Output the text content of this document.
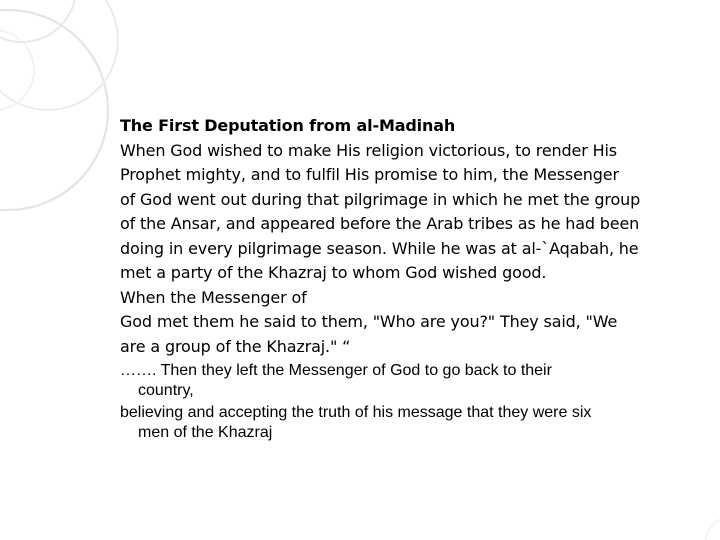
The First Deputation from al-Madinah
When God wished to make His religion victorious, to render His
Prophet mighty, and to fulfil His promise to him, the Messenger
of God went out during that pilgrimage in which he met the group
of the Ansar, and appeared before the Arab tribes as he had been
doing in every pilgrimage season. While he was at al-`Aqabah, he
met a party of the Khazraj to whom God wished good.
When the Messenger of
God met them he said to them, "Who are you?" They said, "We
are a group of the Khazraj." “
……. Then they left the Messenger of God to go back to their
country,
believing and accepting the truth of his message that they were six
men of the Khazraj
